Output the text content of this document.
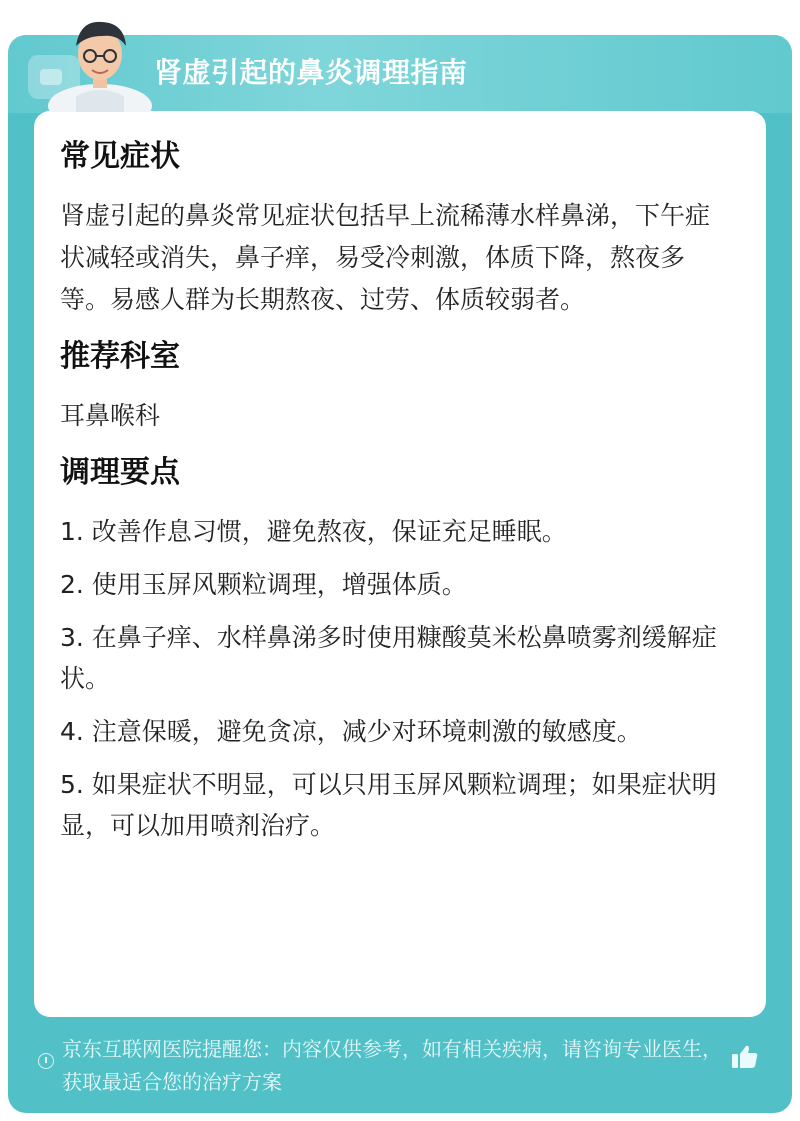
肾虚引起的鼻炎调理指南
常见症状
肾虚引起的鼻炎常见症状包括早上流稀薄水样鼻涕，下午症状减轻或消失，鼻子痒，易受冷刺激，体质下降，熬夜多等。易感人群为长期熬夜、过劳、体质较弱者。
推荐科室
耳鼻喉科
调理要点
1. 改善作息习惯，避免熬夜，保证充足睡眠。
2. 使用玉屏风颗粒调理，增强体质。
3. 在鼻子痒、水样鼻涕多时使用糠酸莫米松鼻喷雾剂缓解症状。
4. 注意保暖，避免贪凉，减少对环境刺激的敏感度。
5. 如果症状不明显，可以只用玉屏风颗粒调理；如果症状明显，可以加用喷剂治疗。
京东互联网医院提醒您：内容仅供参考，如有相关疾病，请咨询专业医生，获取最适合您的治疗方案
